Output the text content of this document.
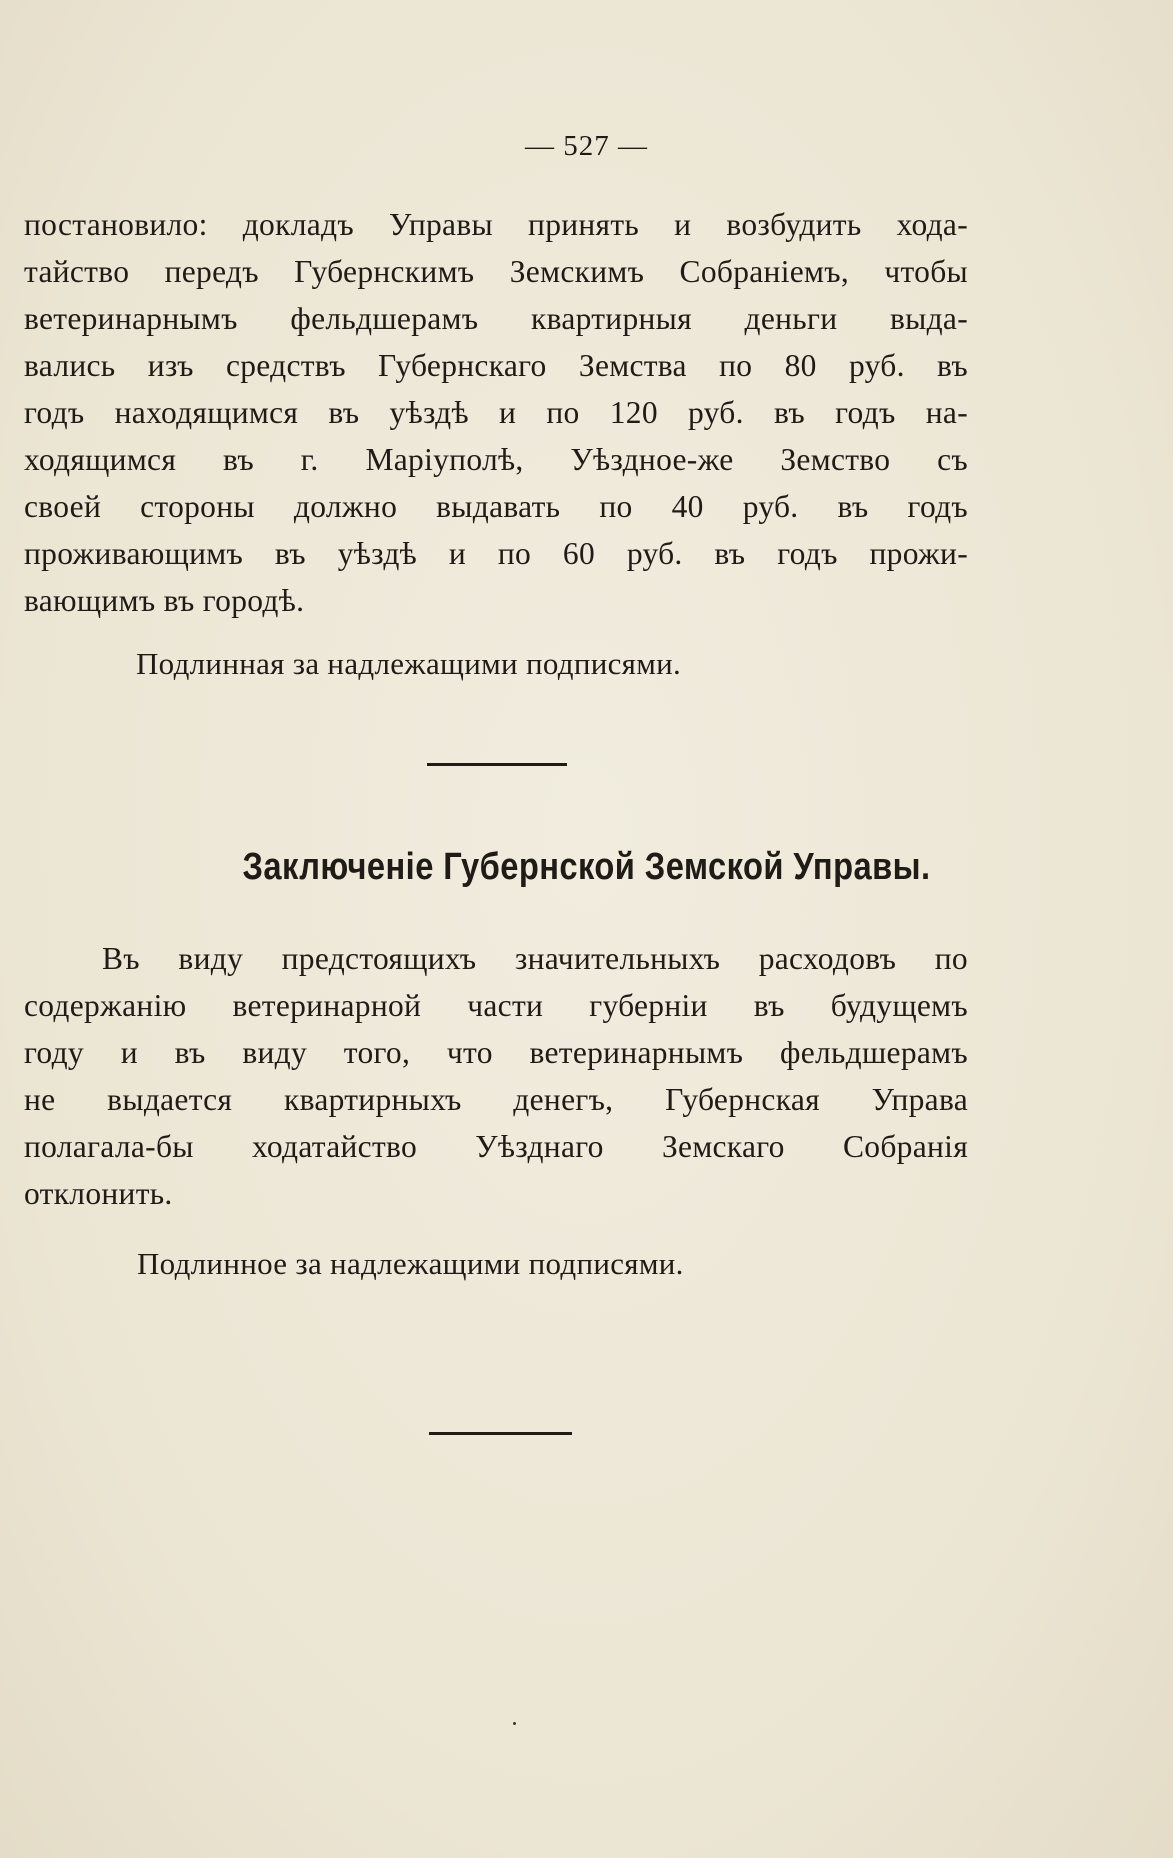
— 527 —
постановило: докладъ Управы принять и возбудить хода-
тайство передъ Губернскимъ Земскимъ Собраніемъ, чтобы
ветеринарнымъ фельдшерамъ квартирныя деньги выда-
вались изъ средствъ Губернскаго Земства по 80 руб. въ
годъ находящимся въ уѣздѣ и по 120 руб. въ годъ на-
ходящимся въ г. Маріуполѣ, Уѣздное-же Земство съ
своей стороны должно выдавать по 40 руб. въ годъ
проживающимъ въ уѣздѣ и по 60 руб. въ годъ прожи-
вающимъ въ городѣ.
Подлинная за надлежащими подписями.
Заключеніе Губернской Земской Управы.
Въ виду предстоящихъ значительныхъ расходовъ по
содержанію ветеринарной части губерніи въ будущемъ
году и въ виду того, что ветеринарнымъ фельдшерамъ
не выдается квартирныхъ денегъ, Губернская Управа
полагала-бы ходатайство Уѣзднаго Земскаго Собранія
отклонить.
Подлинное за надлежащими подписями.
